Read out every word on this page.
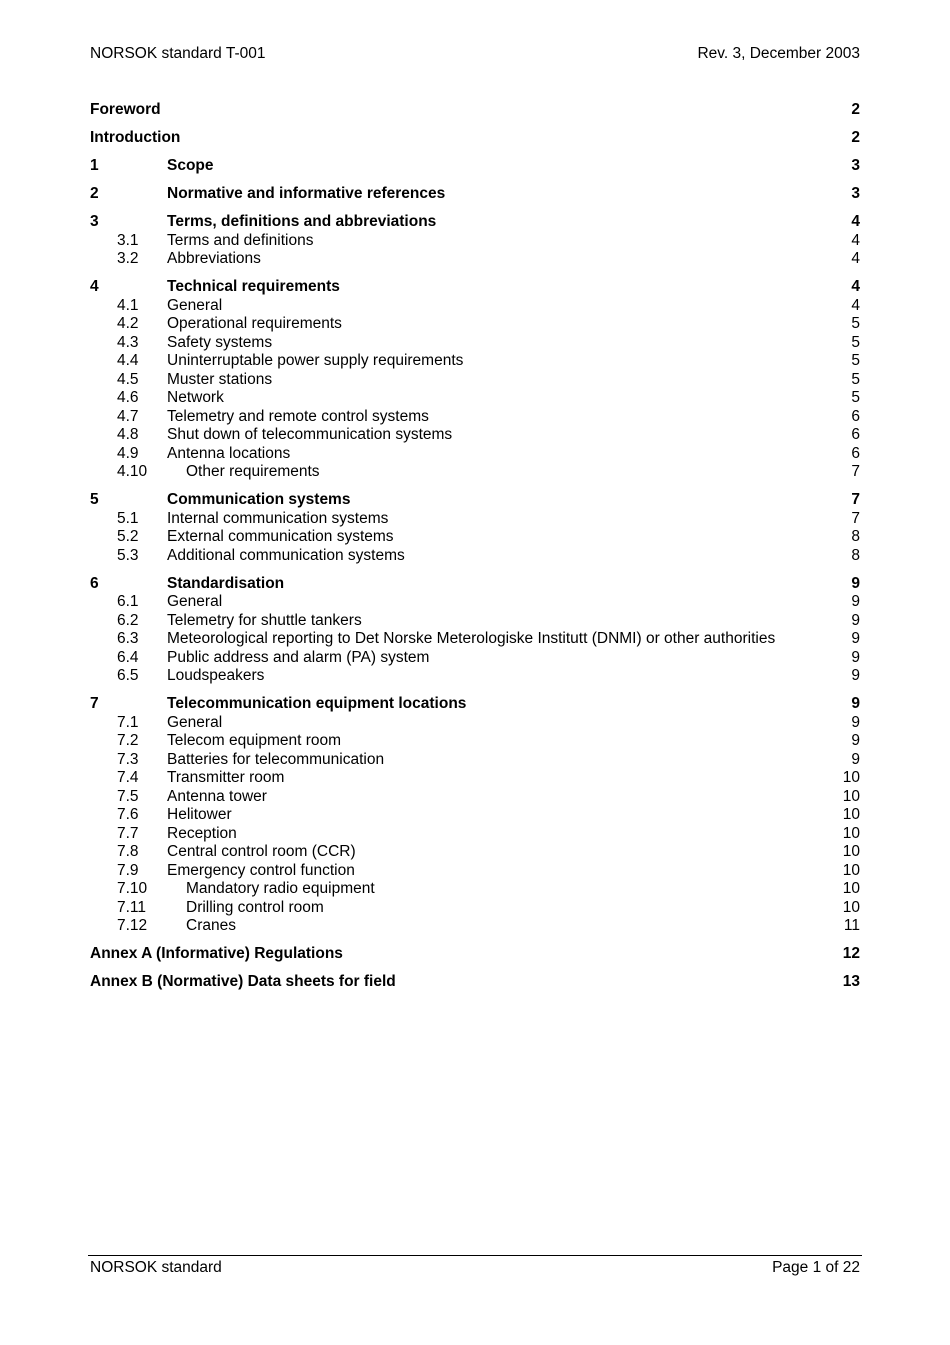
NORSOK standard T-001	Rev. 3, December 2003
Foreword	2
Introduction	2
1	Scope	3
2	Normative and informative references	3
3	Terms, definitions and abbreviations	4
3.1	Terms and definitions	4
3.2	Abbreviations	4
4	Technical requirements	4
4.1	General	4
4.2	Operational requirements	5
4.3	Safety systems	5
4.4	Uninterruptable power supply requirements	5
4.5	Muster stations	5
4.6	Network	5
4.7	Telemetry and remote control systems	6
4.8	Shut down of telecommunication systems	6
4.9	Antenna locations	6
4.10	Other requirements	7
5	Communication systems	7
5.1	Internal communication systems	7
5.2	External communication systems	8
5.3	Additional communication systems	8
6	Standardisation	9
6.1	General	9
6.2	Telemetry for shuttle tankers	9
6.3	Meteorological reporting to Det Norske Meterologiske Institutt (DNMI) or other authorities	9
6.4	Public address and alarm (PA) system	9
6.5	Loudspeakers	9
7	Telecommunication equipment locations	9
7.1	General	9
7.2	Telecom equipment room	9
7.3	Batteries for telecommunication	9
7.4	Transmitter room	10
7.5	Antenna tower	10
7.6	Helitower	10
7.7	Reception	10
7.8	Central control room (CCR)	10
7.9	Emergency control function	10
7.10	Mandatory radio equipment	10
7.11	Drilling control room	10
7.12	Cranes	11
Annex A (Informative) Regulations	12
Annex B (Normative) Data sheets for field	13
NORSOK standard	Page 1 of 22
